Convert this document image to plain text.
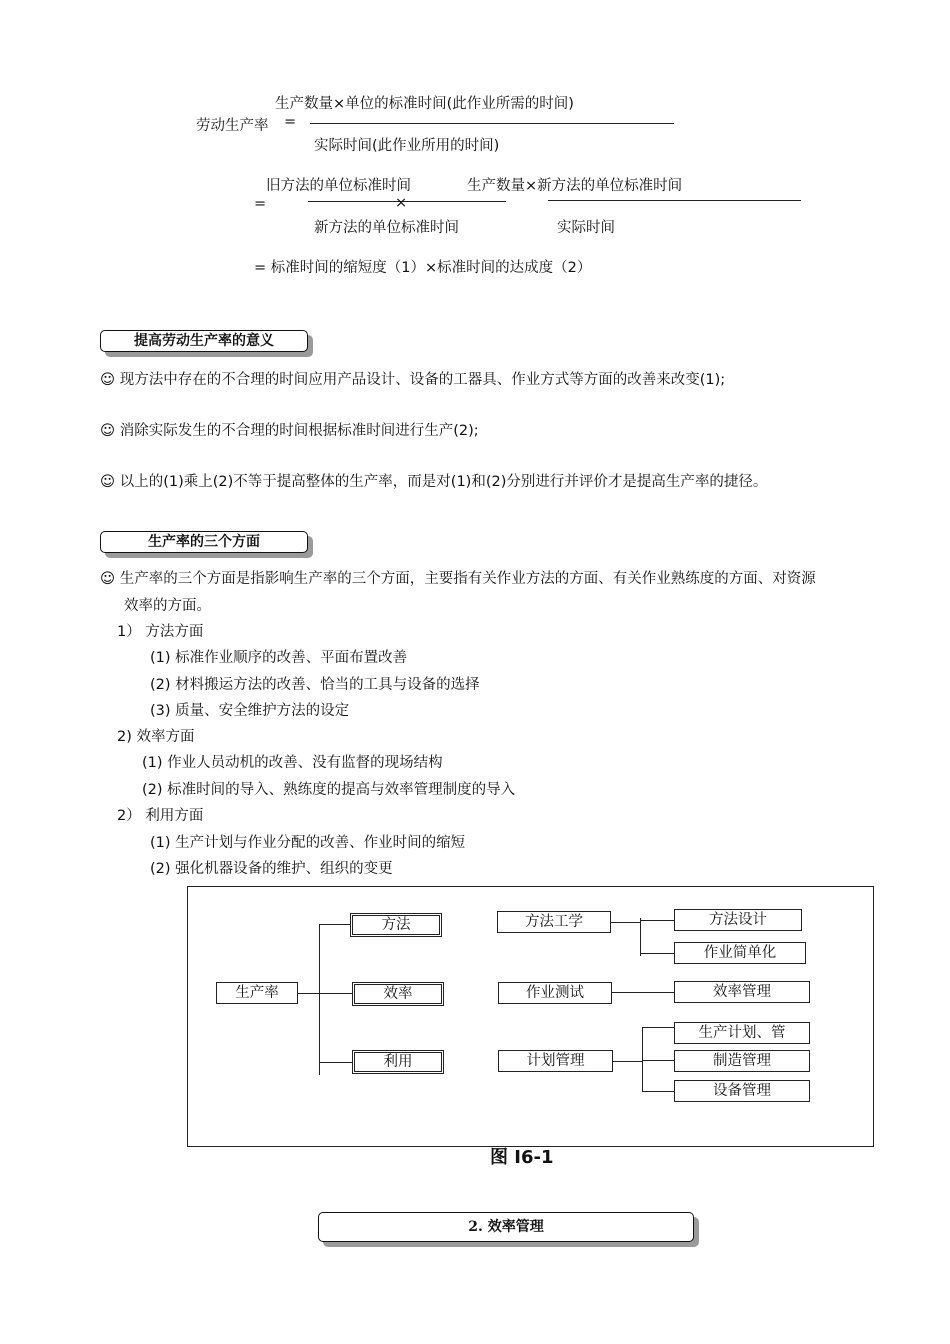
劳动生产率 =
生产数量×单位的标准时间(此作业所需的时间)
实际时间(此作业所用的时间)
旧方法的单位标准时间	生产数量×新方法的单位标准时间
=	×
新方法的单位标准时间	实际时间
= 标准时间的缩短度（1）×标准时间的达成度（2）
提高劳动生产率的意义
☺ 现方法中存在的不合理的时间应用产品设计、设备的工器具、作业方式等方面的改善来改变(1);
☺ 消除实际发生的不合理的时间根据标准时间进行生产(2);
☺ 以上的(1)乘上(2)不等于提高整体的生产率，而是对(1)和(2)分别进行并评价才是提高生产率的捷径。
生产率的三个方面
☺ 生产率的三个方面是指影响生产率的三个方面，主要指有关作业方法的方面、有关作业熟练度的方面、对资源
效率的方面。
1） 方法方面
(1) 标准作业顺序的改善、平面布置改善
(2) 材料搬运方法的改善、恰当的工具与设备的选择
(3) 质量、安全维护方法的设定
2) 效率方面
(1) 作业人员动机的改善、没有监督的现场结构
(2) 标准时间的导入、熟练度的提高与效率管理制度的导入
2） 利用方面
(1) 生产计划与作业分配的改善、作业时间的缩短
(2) 强化机器设备的维护、组织的变更
生产率
方法
效率
利用
方法工学
作业测试
计划管理
方法设计
作业简单化
效率管理
生产计划、管
制造管理
设备管理
图 I6-1
2. 效率管理
